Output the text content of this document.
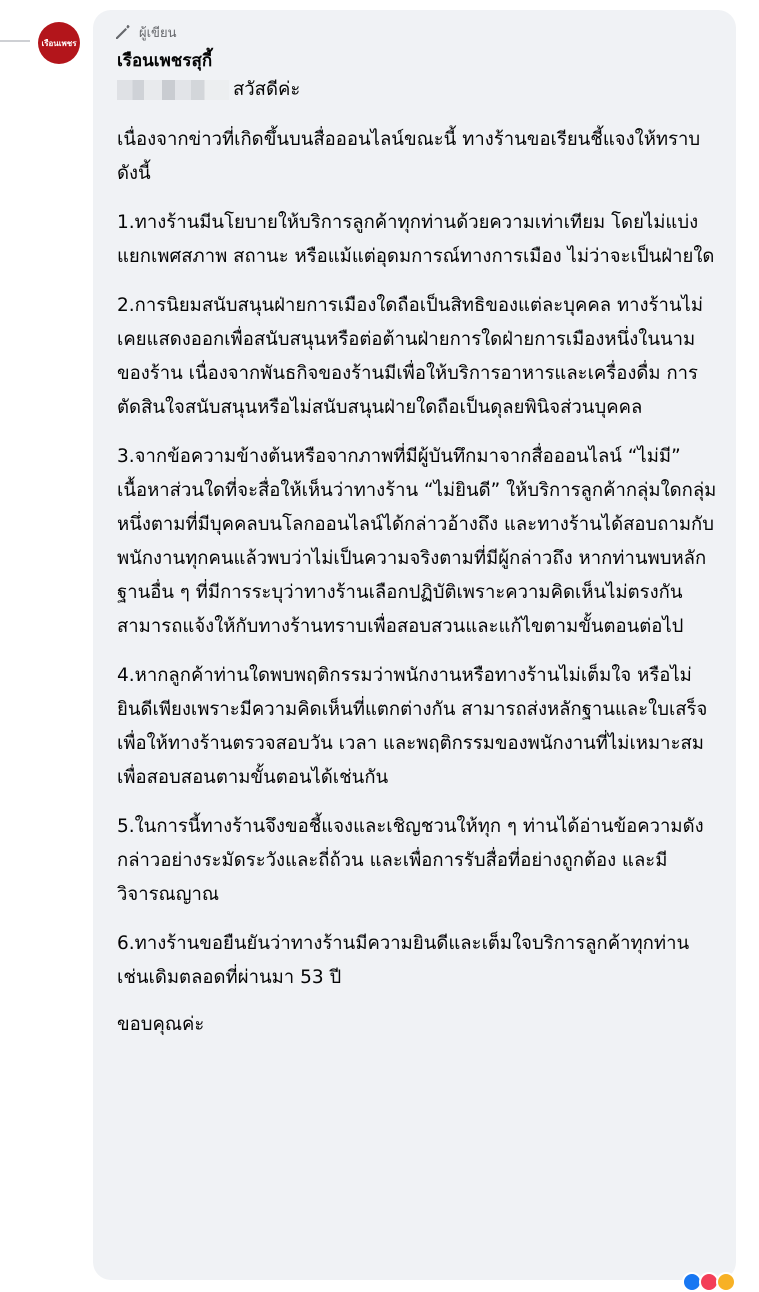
เรือนเพชร
ผู้เขียน
เรือนเพชรสุกี้
สวัสดีค่ะ
เนื่องจากข่าวที่เกิดขึ้นบนสื่อออนไลน์ขณะนี้ ทางร้านขอเรียนชี้แจงให้ทราบดังนี้
1.ทางร้านมีนโยบายให้บริการลูกค้าทุกท่านด้วยความเท่าเทียม โดยไม่แบ่งแยกเพศสภาพ สถานะ หรือแม้แต่อุดมการณ์ทางการเมือง ไม่ว่าจะเป็นฝ่ายใด
2.การนิยมสนับสนุนฝ่ายการเมืองใดถือเป็นสิทธิของแต่ละบุคคล ทางร้านไม่เคยแสดงออกเพื่อสนับสนุนหรือต่อต้านฝ่ายการใดฝ่ายการเมืองหนึ่งในนามของร้าน เนื่องจากพันธกิจของร้านมีเพื่อให้บริการอาหารและเครื่องดื่ม การตัดสินใจสนับสนุนหรือไม่สนับสนุนฝ่ายใดถือเป็นดุลยพินิจส่วนบุคคล
3.จากข้อความข้างต้นหรือจากภาพที่มีผู้บันทึกมาจากสื่อออนไลน์ “ไม่มี” เนื้อหาส่วนใดที่จะสื่อให้เห็นว่าทางร้าน “ไม่ยินดี” ให้บริการลูกค้ากลุ่มใดกลุ่มหนึ่งตามที่มีบุคคลบนโลกออนไลน์ได้กล่าวอ้างถึง และทางร้านได้สอบถามกับพนักงานทุกคนแล้วพบว่าไม่เป็นความจริงตามที่มีผู้กล่าวถึง หากท่านพบหลักฐานอื่น ๆ ที่มีการระบุว่าทางร้านเลือกปฏิบัติเพราะความคิดเห็นไม่ตรงกันสามารถแจ้งให้กับทางร้านทราบเพื่อสอบสวนและแก้ไขตามขั้นตอนต่อไป
4.หากลูกค้าท่านใดพบพฤติกรรมว่าพนักงานหรือทางร้านไม่เต็มใจ หรือไม่ยินดีเพียงเพราะมีความคิดเห็นที่แตกต่างกัน สามารถส่งหลักฐานและใบเสร็จเพื่อให้ทางร้านตรวจสอบวัน เวลา และพฤติกรรมของพนักงานที่ไม่เหมาะสมเพื่อสอบสอนตามขั้นตอนได้เช่นกัน
5.ในการนี้ทางร้านจึงขอชี้แจงและเชิญชวนให้ทุก ๆ ท่านได้อ่านข้อความดังกล่าวอย่างระมัดระวังและถี่ถ้วน และเพื่อการรับสื่อที่อย่างถูกต้อง และมีวิจารณญาณ
6.ทางร้านขอยืนยันว่าทางร้านมีความยินดีและเต็มใจบริการลูกค้าทุกท่าน เช่นเดิมตลอดที่ผ่านมา 53 ปี
ขอบคุณค่ะ
